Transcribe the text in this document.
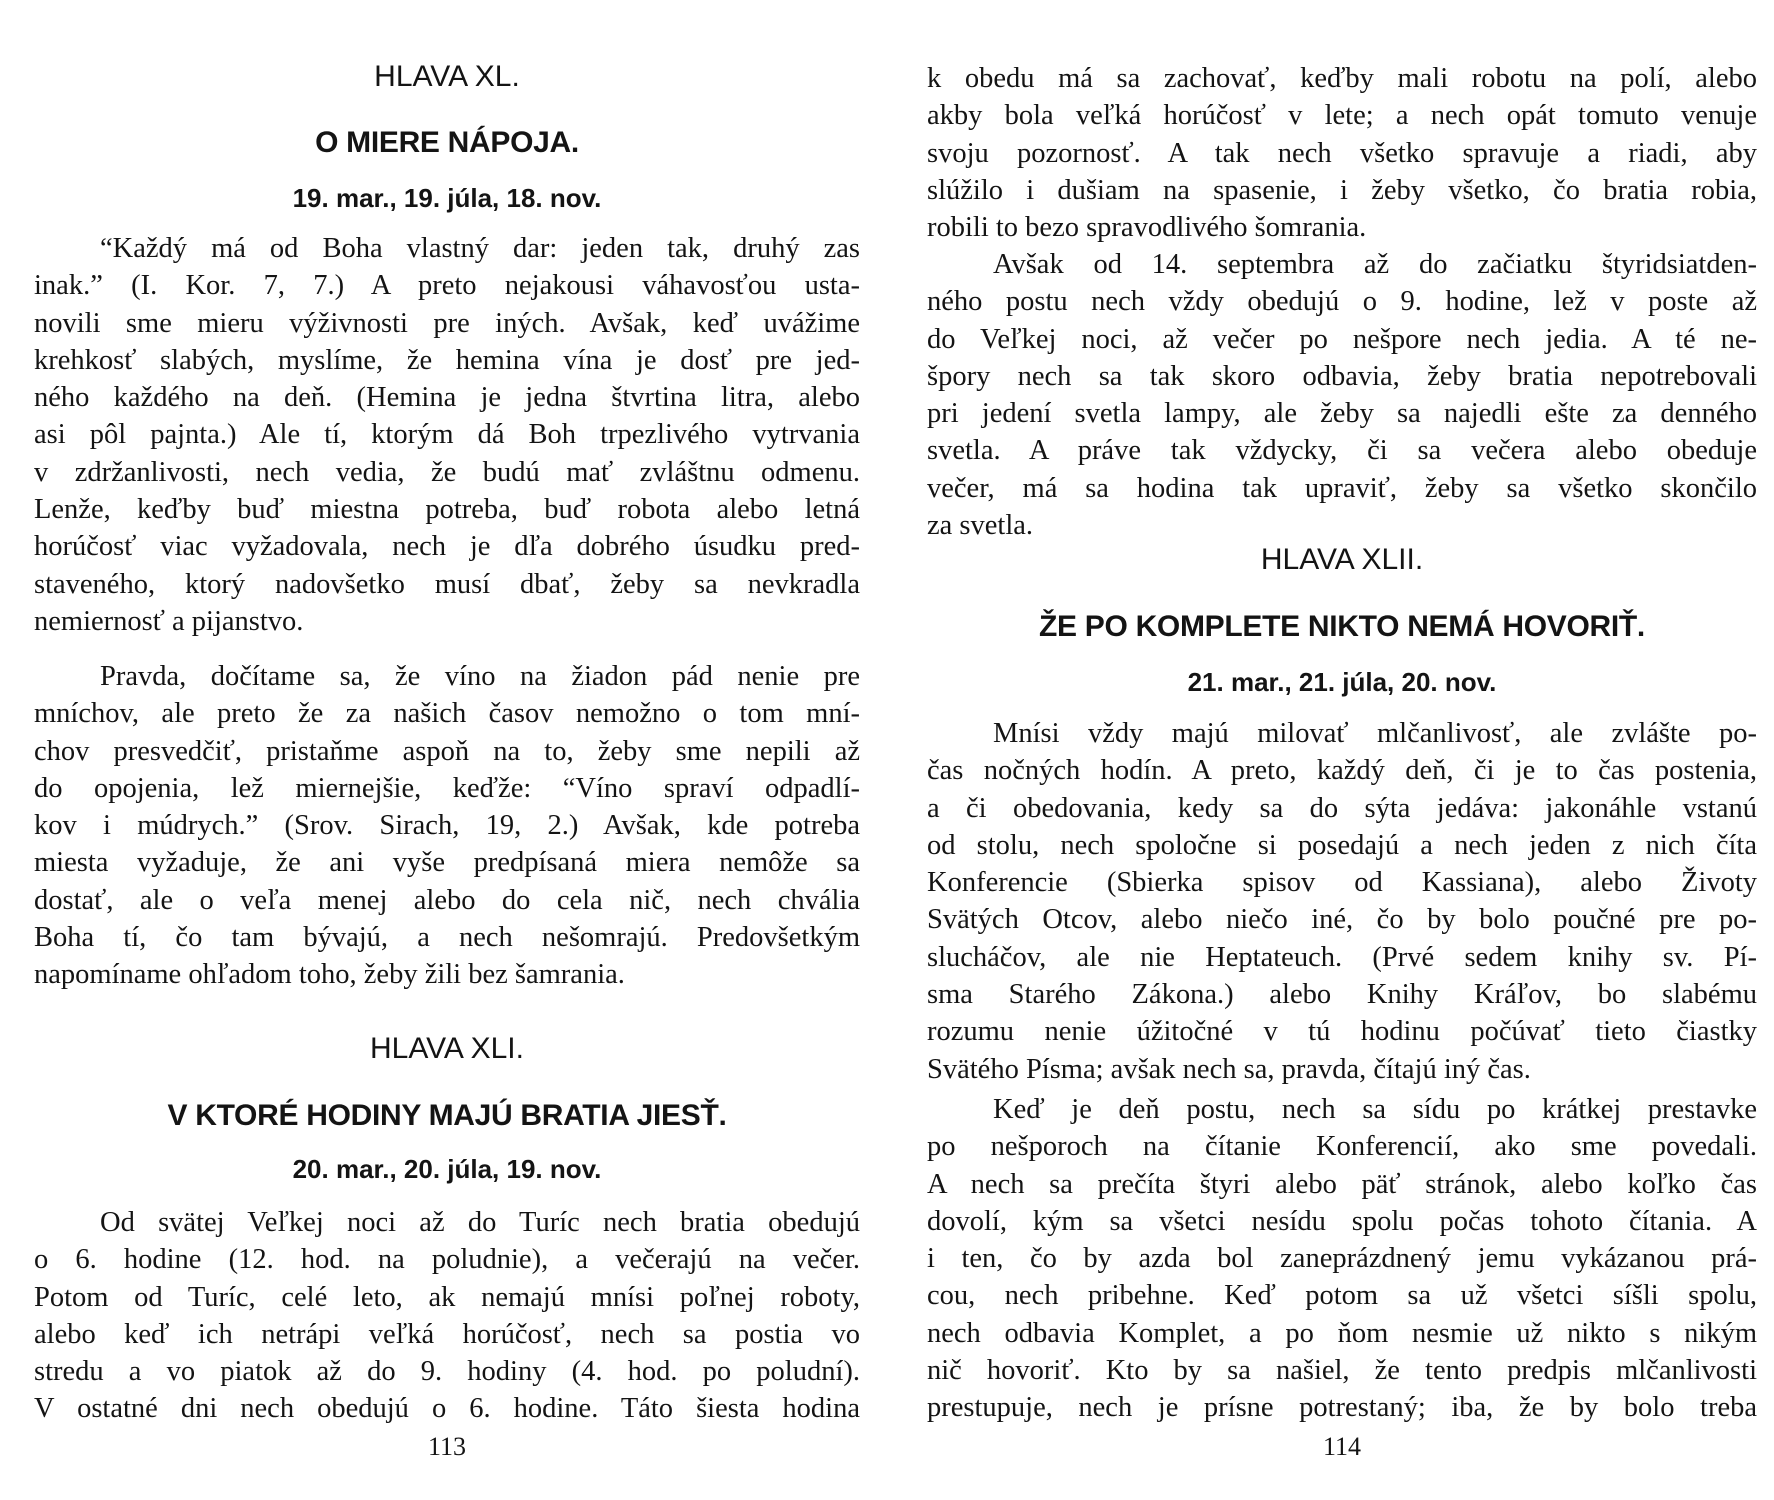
HLAVA XL.
O MIERE NÁPOJA.
19. mar., 19. júla, 18. nov.
“Každý má od Boha vlastný dar: jeden tak, druhý zas
inak.” (I. Kor. 7, 7.) A preto nejakousi váhavosťou usta-
novili sme mieru výživnosti pre iných. Avšak, keď uvážime
krehkosť slabých, myslíme, že hemina vína je dosť pre jed-
ného každého na deň. (Hemina je jedna štvrtina litra, alebo
asi pôl pajnta.) Ale tí, ktorým dá Boh trpezlivého vytrvania
v zdržanlivosti, nech vedia, že budú mať zvláštnu odmenu.
Lenže, keďby buď miestna potreba, buď robota alebo letná
horúčosť viac vyžadovala, nech je dľa dobrého úsudku pred-
staveného, ktorý nadovšetko musí dbať, žeby sa nevkradla
nemiernosť a pijanstvo.
Pravda, dočítame sa, že víno na žiadon pád nenie pre
mníchov, ale preto že za našich časov nemožno o tom mní-
chov presvedčiť, pristaňme aspoň na to, žeby sme nepili až
do opojenia, lež miernejšie, keďže: “Víno spraví odpadlí-
kov i múdrych.” (Srov. Sirach, 19, 2.) Avšak, kde potreba
miesta vyžaduje, že ani vyše predpísaná miera nemôže sa
dostať, ale o veľa menej alebo do cela nič, nech chvália
Boha tí, čo tam bývajú, a nech nešomrajú. Predovšetkým
napomíname ohľadom toho, žeby žili bez šamrania.
HLAVA XLI.
V KTORÉ HODINY MAJÚ BRATIA JIESŤ.
20. mar., 20. júla, 19. nov.
Od svätej Veľkej noci až do Turíc nech bratia obedujú
o 6. hodine (12. hod. na poludnie), a večerajú na večer.
Potom od Turíc, celé leto, ak nemajú mnísi poľnej roboty,
alebo keď ich netrápi veľká horúčosť, nech sa postia vo
stredu a vo piatok až do 9. hodiny (4. hod. po poludní).
V ostatné dni nech obedujú o 6. hodine. Táto šiesta hodina
113
k obedu má sa zachovať, keďby mali robotu na polí, alebo
akby bola veľká horúčosť v lete; a nech opát tomuto venuje
svoju pozornosť. A tak nech všetko spravuje a riadi, aby
slúžilo i dušiam na spasenie, i žeby všetko, čo bratia robia,
robili to bezo spravodlivého šomrania.
Avšak od 14. septembra až do začiatku štyridsiatden-
ného postu nech vždy obedujú o 9. hodine, lež v poste až
do Veľkej noci, až večer po nešpore nech jedia. A té ne-
šporу nech sa tak skoro odbavia, žeby bratia nepotrebovali
pri jedení svetla lampy, ale žeby sa najedli ešte za denného
svetla. A práve tak vždycky, či sa večera alebo obeduje
večer, má sa hodina tak upraviť, žeby sa všetko skončilo
za svetla.
HLAVA XLII.
ŽE PO KOMPLETE NIKTO NEMÁ HOVORIŤ.
21. mar., 21. júla, 20. nov.
Mnísi vždy majú milovať mlčanlivosť, ale zvlášte po-
čas nočných hodín. A preto, každý deň, či je to čas postenia,
a či obedovania, kedy sa do sýta jedáva: jakonáhle vstanú
od stolu, nech spoločne si posedajú a nech jeden z nich číta
Konferencie (Sbierka spisov od Kassiana), alebo Životy
Svätých Otcov, alebo niečo iné, čo by bolo poučné pre po-
slucháčov, ale nie Heptateuch. (Prvé sedem knihy sv. Pí-
sma Starého Zákona.) alebo Knihy Kráľov, bo slabému
rozumu nenie úžitočné v tú hodinu počúvať tieto čiastky
Svätého Písma; avšak nech sa, pravda, čítajú iný čas.
Keď je deň postu, nech sa sídu po krátkej prestavke
po nešporoch na čítanie Konferencií, ako sme povedali.
A nech sa prečíta štyri alebo päť stránok, alebo koľko čas
dovolí, kým sa všetci nesídu spolu počas tohoto čítania. A
i ten, čo by azda bol zaneprázdnený jemu vykázanou prá-
cou, nech pribehne. Keď potom sa už všetci síšli spolu,
nech odbavia Komplet, a po ňom nesmie už nikto s nikým
nič hovoriť. Kto by sa našiel, že tento predpis mlčanlivosti
prestupuje, nech je prísne potrestaný; iba, že by bolo treba
114
